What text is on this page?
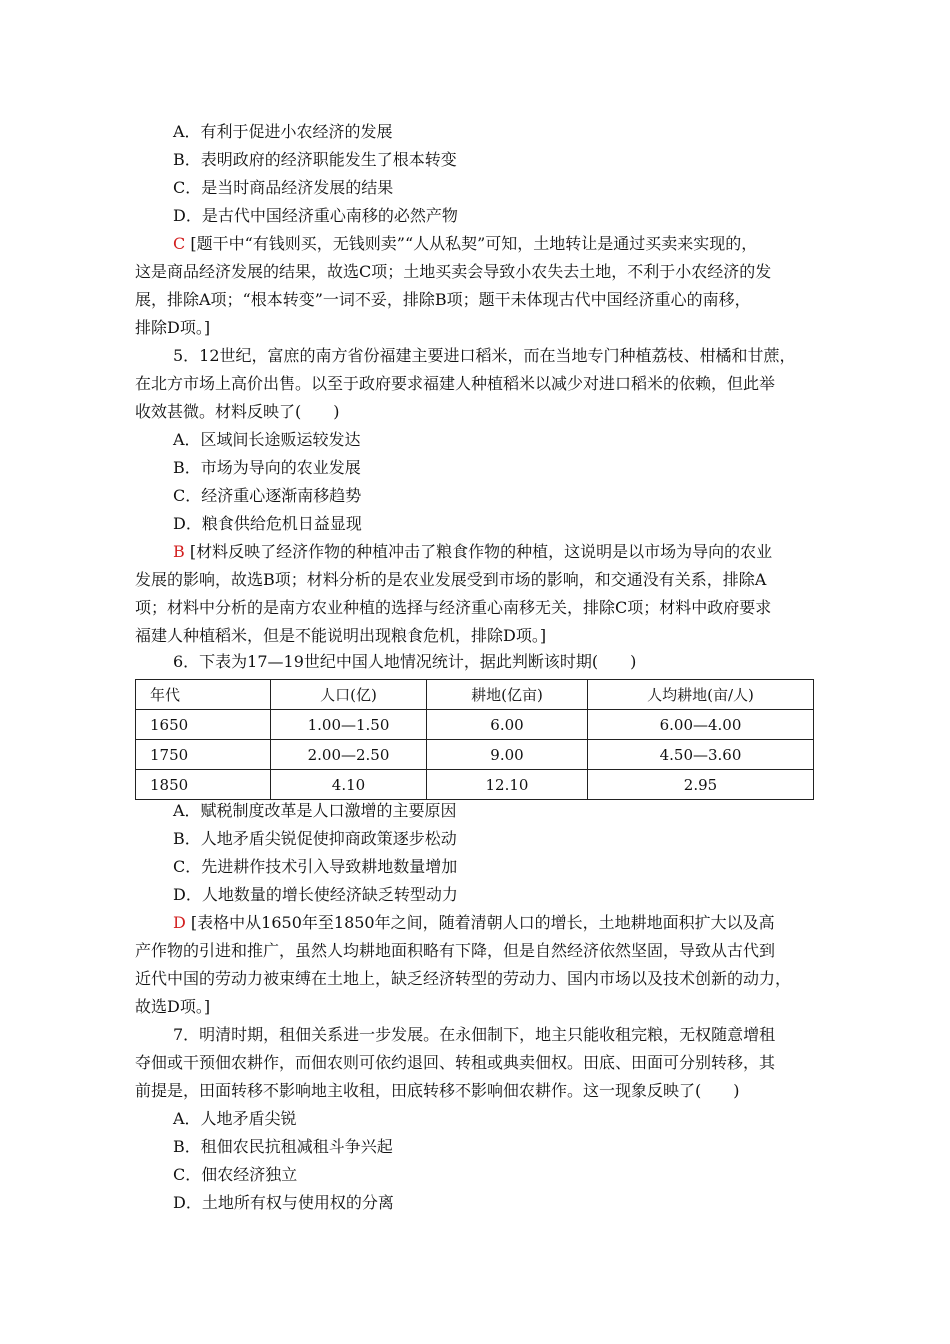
A．有利于促进小农经济的发展
B．表明政府的经济职能发生了根本转变
C．是当时商品经济发展的结果
D．是古代中国经济重心南移的必然产物
C [题干中“有钱则买，无钱则卖”“人从私契”可知，土地转让是通过买卖来实现的，
这是商品经济发展的结果，故选C项；土地买卖会导致小农失去土地，不利于小农经济的发
展，排除A项；“根本转变”一词不妥，排除B项；题干未体现古代中国经济重心的南移，
排除D项。]
5．12世纪，富庶的南方省份福建主要进口稻米，而在当地专门种植荔枝、柑橘和甘蔗，
在北方市场上高价出售。以至于政府要求福建人种植稻米以减少对进口稻米的依赖，但此举
收效甚微。材料反映了(　　)
A．区域间长途贩运较发达
B．市场为导向的农业发展
C．经济重心逐渐南移趋势
D．粮食供给危机日益显现
B [材料反映了经济作物的种植冲击了粮食作物的种植，这说明是以市场为导向的农业
发展的影响，故选B项；材料分析的是农业发展受到市场的影响，和交通没有关系，排除A
项；材料中分析的是南方农业种植的选择与经济重心南移无关，排除C项；材料中政府要求
福建人种植稻米，但是不能说明出现粮食危机，排除D项。]
6．下表为17—19世纪中国人地情况统计，据此判断该时期(　　)
年代	人口(亿)	耕地(亿亩)	人均耕地(亩/人)
1650	1.00—1.50	6.00	6.00—4.00
1750	2.00—2.50	9.00	4.50—3.60
1850	4.10	12.10	2.95
A．赋税制度改革是人口激增的主要原因
B．人地矛盾尖锐促使抑商政策逐步松动
C．先进耕作技术引入导致耕地数量增加
D．人地数量的增长使经济缺乏转型动力
D [表格中从1650年至1850年之间，随着清朝人口的增长，土地耕地面积扩大以及高
产作物的引进和推广，虽然人均耕地面积略有下降，但是自然经济依然坚固，导致从古代到
近代中国的劳动力被束缚在土地上，缺乏经济转型的劳动力、国内市场以及技术创新的动力，
故选D项。]
7．明清时期，租佃关系进一步发展。在永佃制下，地主只能收租完粮，无权随意增租
夺佃或干预佃农耕作，而佃农则可依约退回、转租或典卖佃权。田底、田面可分别转移，其
前提是，田面转移不影响地主收租，田底转移不影响佃农耕作。这一现象反映了(　　)
A．人地矛盾尖锐
B．租佃农民抗租减租斗争兴起
C．佃农经济独立
D．土地所有权与使用权的分离
